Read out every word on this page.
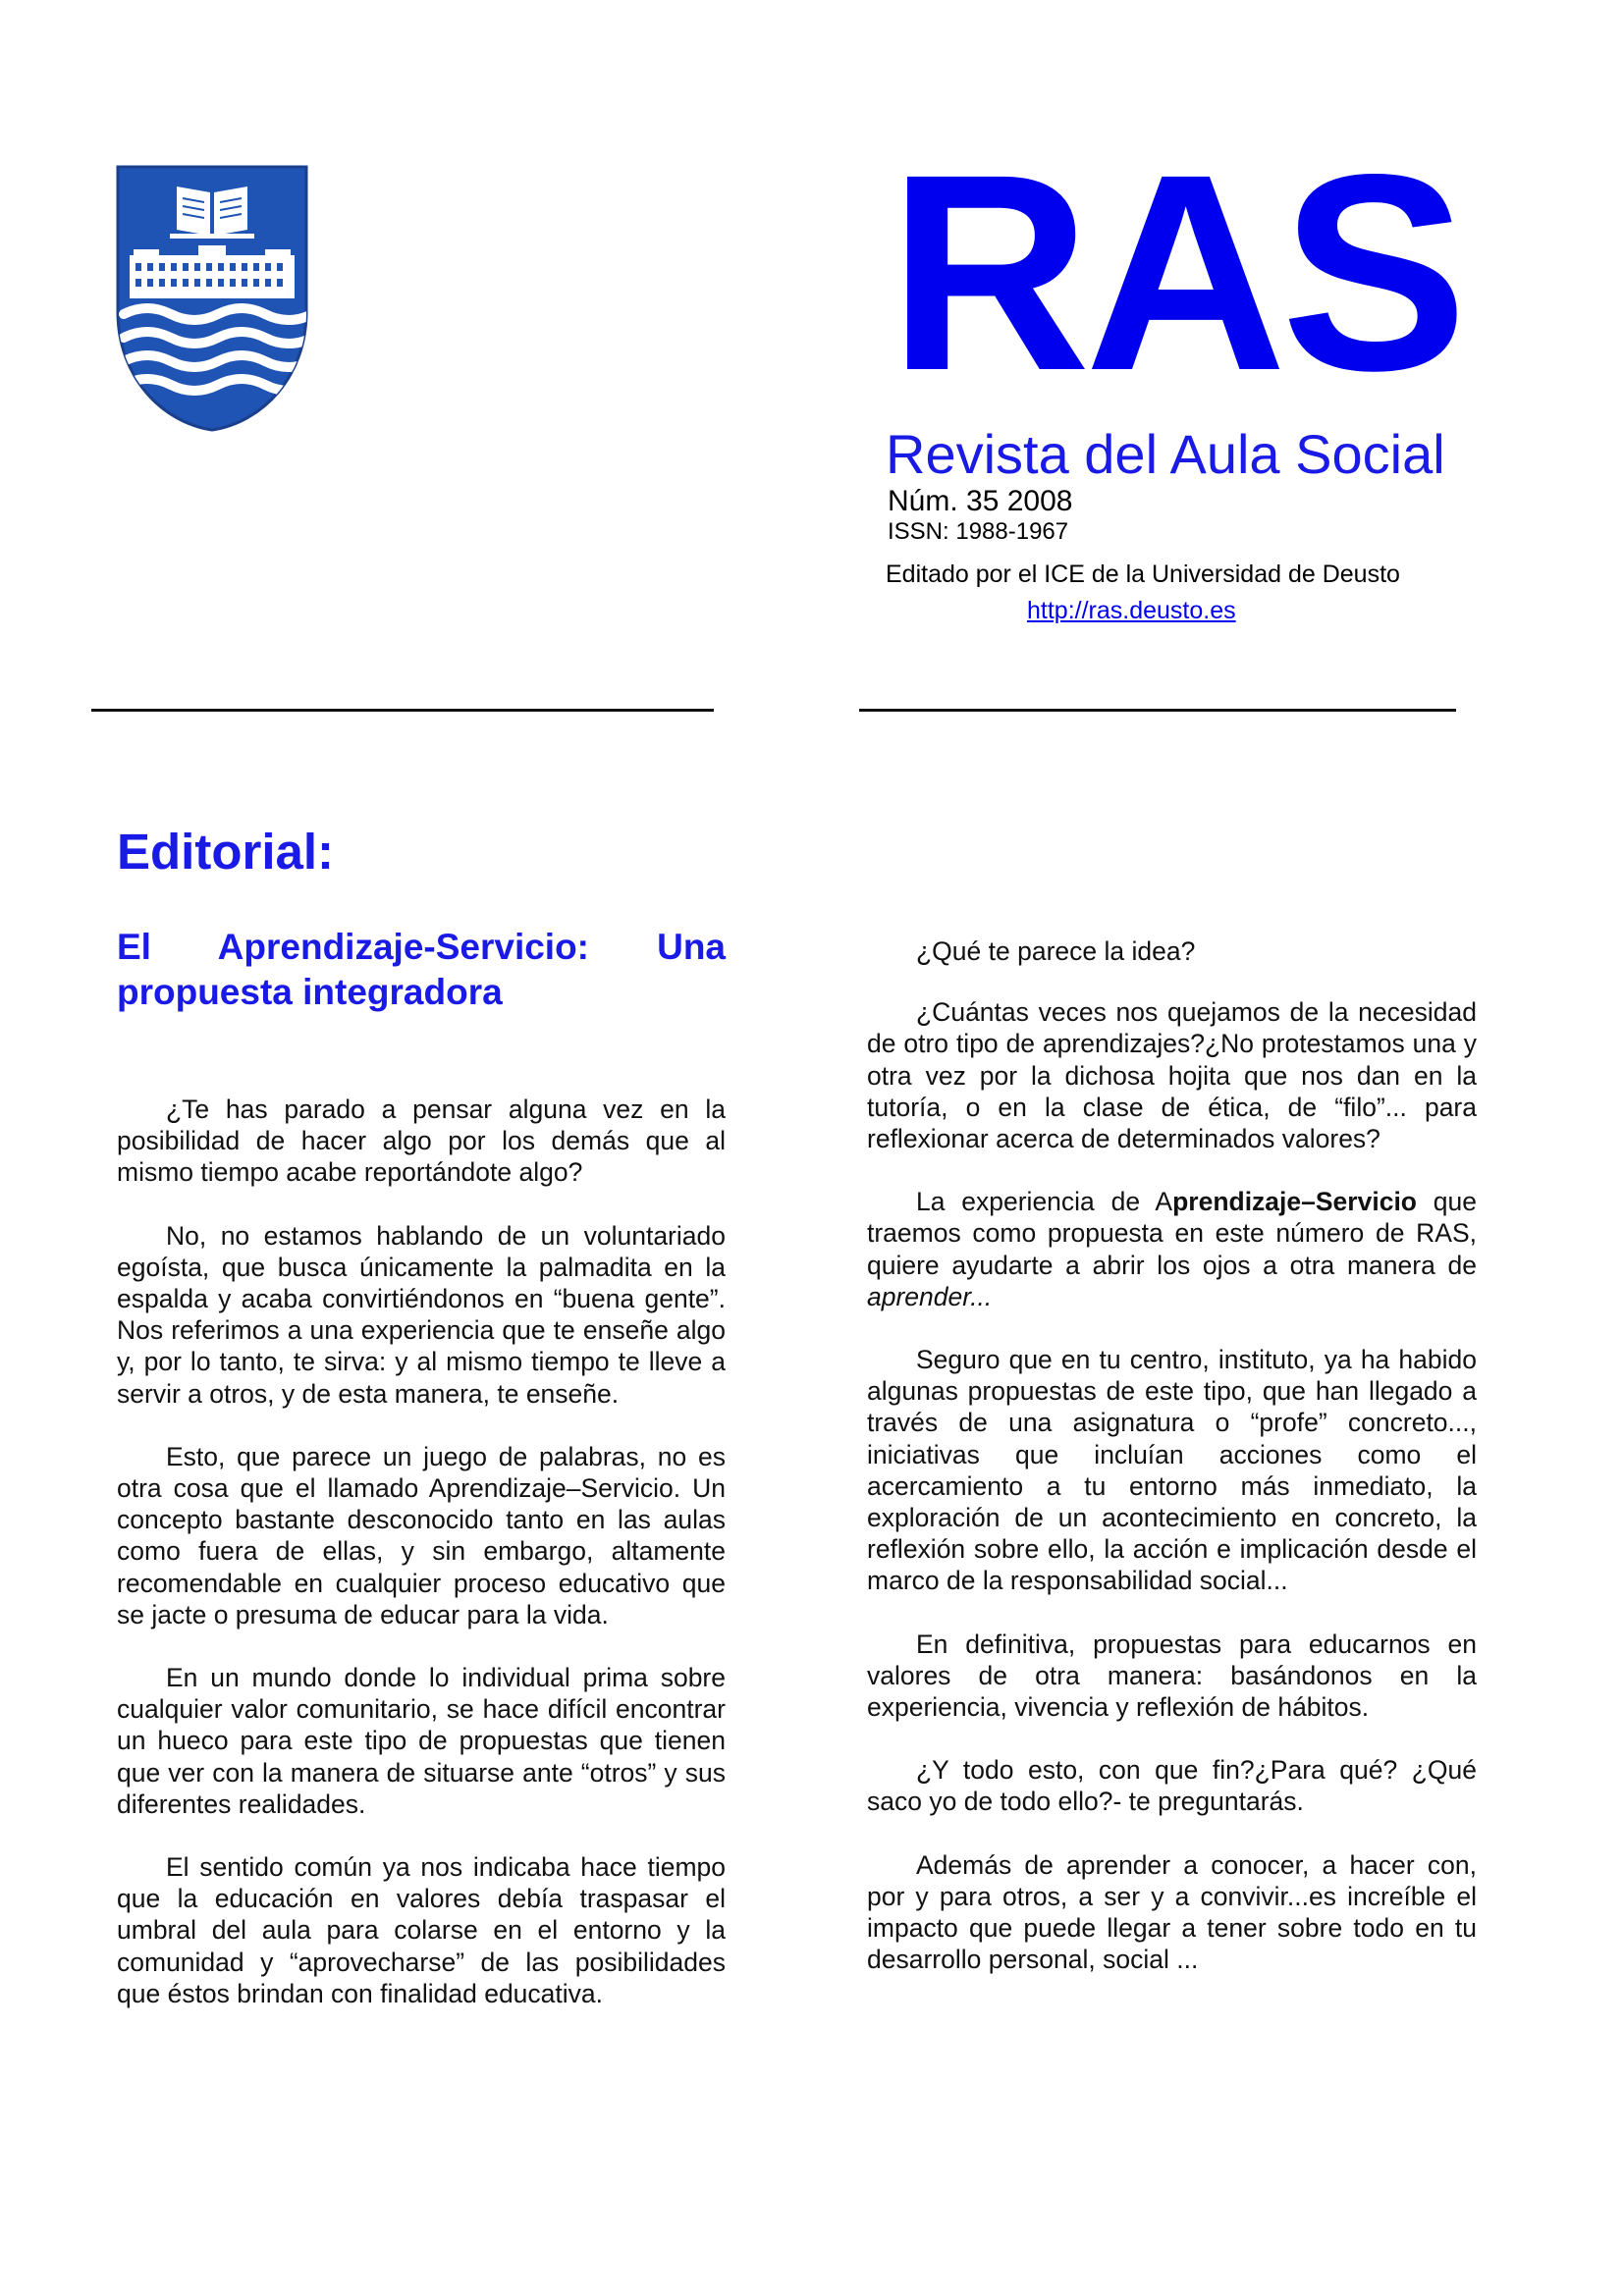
RAS
Revista del Aula Social
Núm. 35 2008
ISSN: 1988-1967
Editado por el ICE de la Universidad de Deusto
http://ras.deusto.es
Editorial:
El Aprendizaje-Servicio: Una propuesta integradora

¿Te has parado a pensar alguna vez en la posibilidad de hacer algo por los demás que al mismo tiempo acabe reportándote algo?

No, no estamos hablando de un voluntariado egoísta, que busca únicamente la palmadita en la espalda y acaba convirtiéndonos en “buena gente”. Nos referimos a una experiencia que te enseñe algo y, por lo tanto, te sirva: y al mismo tiempo te lleve a servir a otros, y de esta manera, te enseñe.

Esto, que parece un juego de palabras, no es otra cosa que el llamado Aprendizaje–Servicio. Un concepto bastante desconocido tanto en las aulas como fuera de ellas, y sin embargo, altamente recomendable en cualquier proceso educativo que se jacte o presuma de educar para la vida.

En un mundo donde lo individual prima sobre cualquier valor comunitario, se hace difícil encontrar un hueco para este tipo de propuestas que tienen que ver con la manera de situarse ante “otros” y sus diferentes realidades.

El sentido común ya nos indicaba hace tiempo que la educación en valores debía traspasar el umbral del aula para colarse en el entorno y la comunidad y “aprovecharse” de las posibilidades que éstos brindan con finalidad educativa.

¿Qué te parece la idea?

¿Cuántas veces nos quejamos de la necesidad de otro tipo de aprendizajes?¿No protestamos una y otra vez por la dichosa hojita que nos dan en la tutoría, o en la clase de ética, de “filo”... para reflexionar acerca de determinados valores?

La experiencia de Aprendizaje–Servicio que traemos como propuesta en este número de RAS, quiere ayudarte a abrir los ojos a otra manera de aprender...

Seguro que en tu centro, instituto, ya ha habido algunas propuestas de este tipo, que han llegado a través de una asignatura o “profe” concreto..., iniciativas que incluían acciones como el acercamiento a tu entorno más inmediato, la exploración de un acontecimiento en concreto, la reflexión sobre ello, la acción e implicación desde el marco de la responsabilidad social...

En definitiva, propuestas para educarnos en valores de otra manera: basándonos en la experiencia, vivencia y reflexión de hábitos.

¿Y todo esto, con que fin?¿Para qué? ¿Qué saco yo de todo ello?- te preguntarás.

Además de aprender a conocer, a hacer con, por y para otros, a ser y a convivir...es increíble el impacto que puede llegar a tener sobre todo en tu desarrollo personal, social ...
